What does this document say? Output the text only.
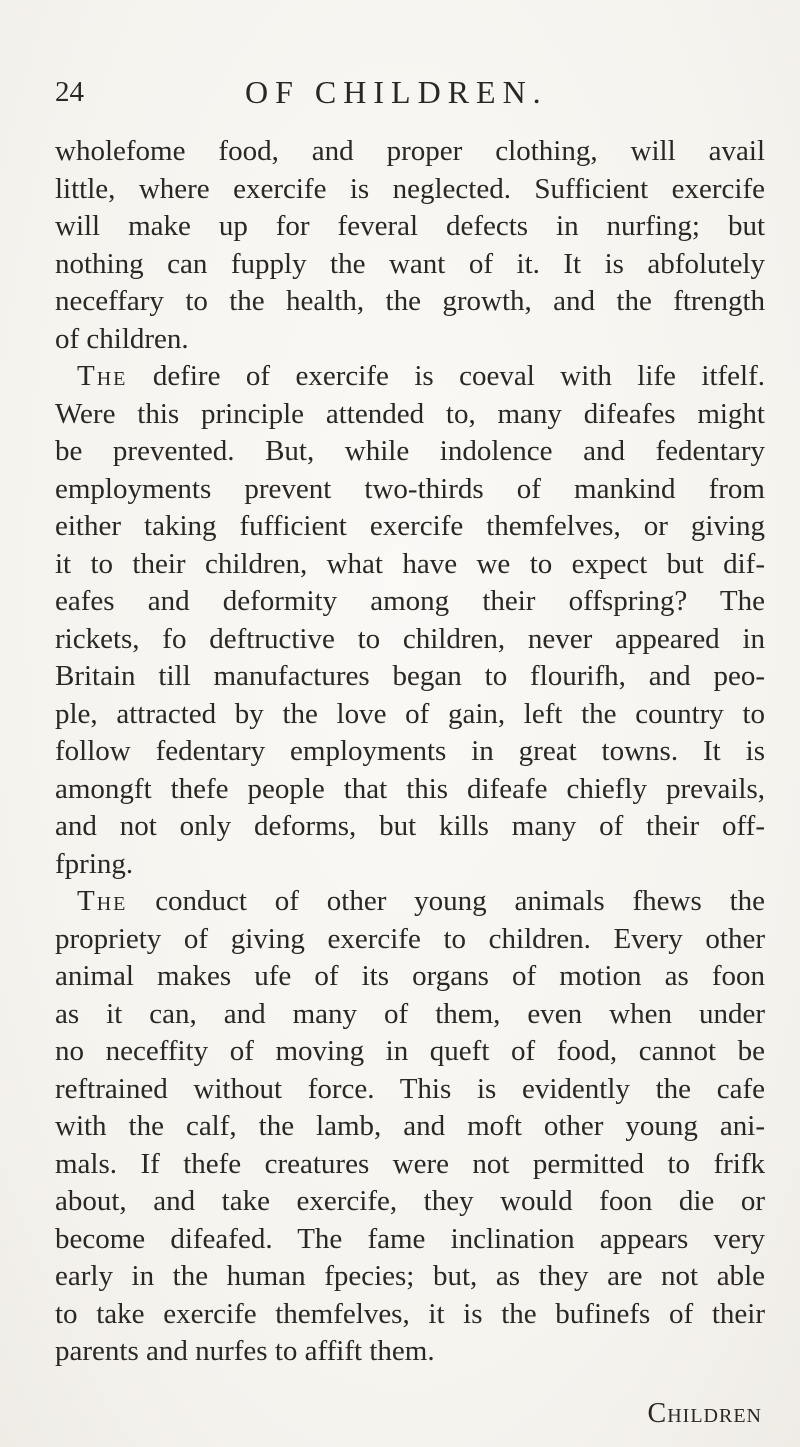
24	OF CHILDREN.
wholefome food, and proper clothing, will avail
little, where exercife is neglected. Sufficient exercife
will make up for feveral defects in nurfing; but
nothing can fupply the want of it. It is abfolutely
neceffary to the health, the growth, and the ftrength
of children.
The defire of exercife is coeval with life itfelf.
Were this principle attended to, many difeafes might
be prevented. But, while indolence and fedentary
employments prevent two-thirds of mankind from
either taking fufficient exercife themfelves, or giving
it to their children, what have we to expect but dif-
eafes and deformity among their offspring? The
rickets, fo deftructive to children, never appeared in
Britain till manufactures began to flourifh, and peo-
ple, attracted by the love of gain, left the country to
follow fedentary employments in great towns. It is
amongft thefe people that this difeafe chiefly prevails,
and not only deforms, but kills many of their off-
fpring.
The conduct of other young animals fhews the
propriety of giving exercife to children. Every other
animal makes ufe of its organs of motion as foon
as it can, and many of them, even when under
no neceffity of moving in queft of food, cannot be
reftrained without force. This is evidently the cafe
with the calf, the lamb, and moft other young ani-
mals. If thefe creatures were not permitted to frifk
about, and take exercife, they would foon die or
become difeafed. The fame inclination appears very
early in the human fpecies; but, as they are not able
to take exercife themfelves, it is the bufinefs of their
parents and nurfes to affift them.
Children
